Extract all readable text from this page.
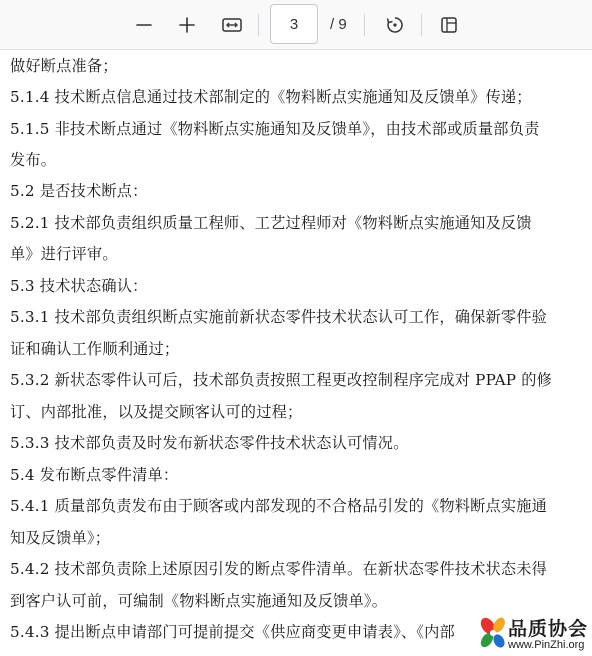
3
/ 9
做好断点准备；
5.1.4 技术断点信息通过技术部制定的《物料断点实施通知及反馈单》传递；
5.1.5 非技术断点通过《物料断点实施通知及反馈单》，由技术部或质量部负责
发布。
5.2 是否技术断点：
5.2.1 技术部负责组织质量工程师、工艺过程师对《物料断点实施通知及反馈
单》进行评审。
5.3 技术状态确认：
5.3.1 技术部负责组织断点实施前新状态零件技术状态认可工作，确保新零件验
证和确认工作顺利通过；
5.3.2 新状态零件认可后，技术部负责按照工程更改控制程序完成对 PPAP 的修
订、内部批准，以及提交顾客认可的过程；
5.3.3 技术部负责及时发布新状态零件技术状态认可情况。
5.4 发布断点零件清单：
5.4.1 质量部负责发布由于顾客或内部发现的不合格品引发的《物料断点实施通
知及反馈单》；
5.4.2 技术部负责除上述原因引发的断点零件清单。在新状态零件技术状态未得
到客户认可前，可编制《物料断点实施通知及反馈单》。
5.4.3 提出断点申请部门可提前提交《供应商变更申请表》、《内部	品质协会
www.PinZhi.org
